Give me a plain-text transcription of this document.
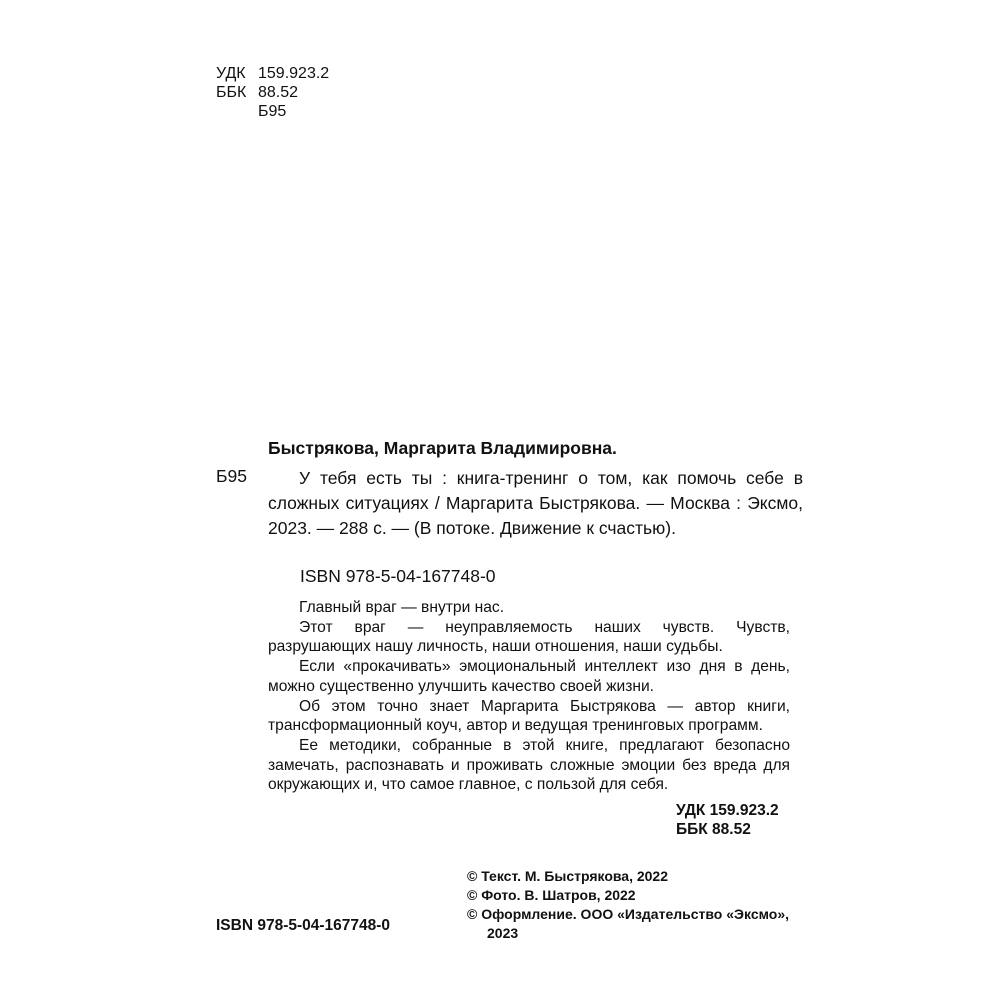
УДК 159.923.2
ББК 88.52
Б95
Быстрякова, Маргарита Владимировна.
Б95	У тебя есть ты : книга-тренинг о том, как помочь себе в сложных ситуациях / Маргарита Быстрякова. — Москва : Эксмо, 2023. — 288 с. — (В потоке. Движение к счастью).
ISBN 978-5-04-167748-0

Главный враг — внутри нас.

Этот враг — неуправляемость наших чувств. Чувств, разрушающих нашу личность, наши отношения, наши судьбы.

Если «прокачивать» эмоциональный интеллект изо дня в день, можно существенно улучшить качество своей жизни.

Об этом точно знает Маргарита Быстрякова — автор книги, трансформационный коуч, автор и ведущая тренинговых программ.

Ее методики, собранные в этой книге, предлагают безопасно замечать, распознавать и проживать сложные эмоции без вреда для окружающих и, что самое главное, с пользой для себя.

УДК 159.923.2
ББК 88.52
© Текст. М. Быстрякова, 2022
© Фото. В. Шатров, 2022
© Оформление. ООО «Издательство «Эксмо», 2023
ISBN 978-5-04-167748-0
